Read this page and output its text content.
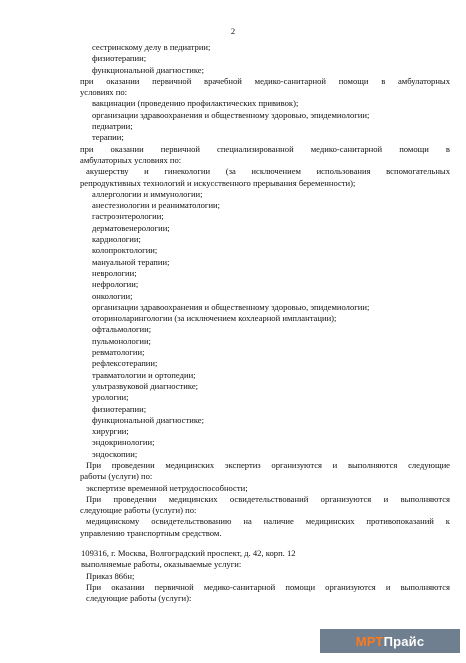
2
сестринскому делу в педиатрии;
физиотерапии;
функциональной диагностике;
при оказании первичной врачебной медико-санитарной помощи в амбулаторных
условиях по:
вакцинации (проведению профилактических прививок);
организации здравоохранения и общественному здоровью, эпидемиологии;
педиатрии;
терапии;
при оказании первичной специализированной медико-санитарной помощи в
амбулаторных условиях по:
акушерству и гинекологии (за исключением использования вспомогательных
репродуктивных технологий и искусственного прерывания беременности);
аллергологии и иммунологии;
анестезиологии и реаниматологии;
гастроэнтерологии;
дерматовенерологии;
кардиологии;
колопроктологии;
мануальной терапии;
неврологии;
нефрологии;
онкологии;
организации здравоохранения и общественному здоровью, эпидемиологии;
оториноларингологии (за исключением кохлеарной имплантации);
офтальмологии;
пульмонологии;
ревматологии;
рефлексотерапии;
травматологии и ортопедии;
ультразвуковой диагностике;
урологии;
физиотерапии;
функциональной диагностике;
хирургии;
эндокринологии;
эндоскопии;
При проведении медицинских экспертиз организуются и выполняются следующие
работы (услуги) по:
экспертизе временной нетрудоспособности;
При проведении медицинских освидетельствований организуются и выполняются
следующие работы (услуги) по:
медицинскому освидетельствованию на наличие медицинских противопоказаний к
управлению транспортным средством.
109316, г. Москва, Волгоградский проспект, д. 42, корп. 12
выполняемые работы, оказываемые услуги:
Приказ 866н;
При оказании первичной медико-санитарной помощи организуются и выполняются
следующие работы (услуги):
МРТ Прайс
